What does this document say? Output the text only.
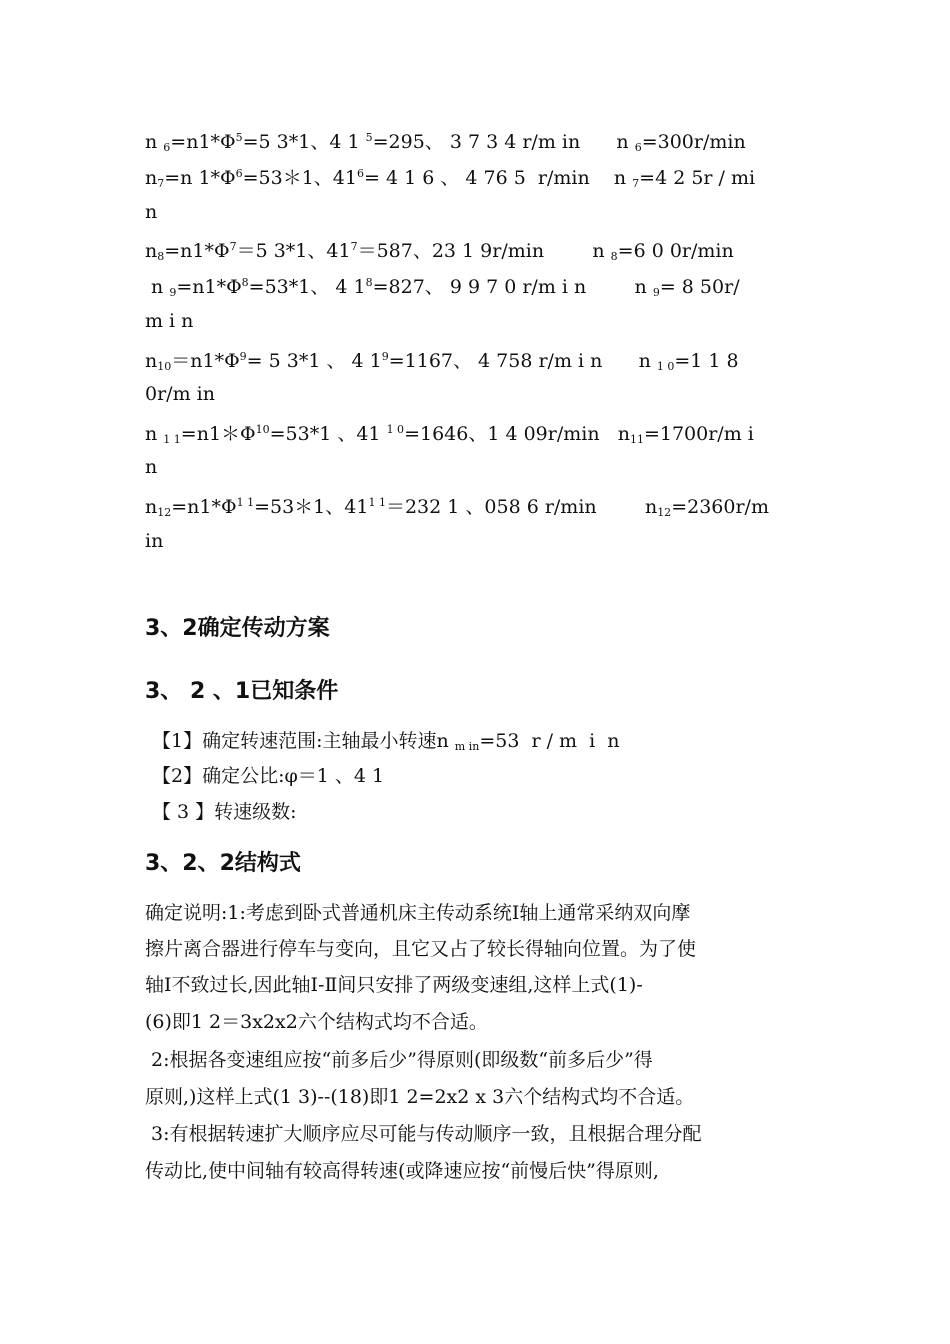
n $_6=n1*\Phi^5=5$ 3*1、4 1 $^5$=295、 3 7 3 4 r/m in      n $_6$=300r/min
$n_7=n$ $1*\Phi^6=53*1$、$41^6= 4$ 1 6 、 4 76 5  r/min    n $_7$=4 2 5r / mi
n
$n_8=n1*\Phi^7=5$ 3*1、$41^7=587$、23 1 9r/min        n $_8$=6 0 0r/min
n $_9=n1*\Phi^8=53*1$、 4 $1^8=827$、 9 9 7 0 r/m i n        n $_9$= 8 50r/
m i n
$n_{10}=n1*\Phi^9= 5$ 3*1 、 4 $1^9=1167$、 4 758 r/m i n      n $_{1 0}$=1 1 8
0r/m in
n $_{1 1}=n1*\Phi^{10}=53*1$ 、41 $^{1 0}$=1646、1 4 09r/min   $n_{11}=1700r/m$ i
n
$n_{12}=n1*\Phi^{1 1}=53*1$、$41^{1 1}=232$ 1 、058 6 r/min        $n_{12}=2360r/m$
in
3、2确定传动方案
3、 2 、1已知条件
【1】确定转速范围:主轴最小转速n $_{m in}$=53  r / m  i  n
【2】确定公比:φ＝1 、4 1
【 3 】转速级数:
3、2、2结构式
确定说明:1:考虑到卧式普通机床主传动系统Ⅰ轴上通常采纳双向摩
擦片离合器进行停车与变向，且它又占了较长得轴向位置。为了使
轴Ⅰ不致过长,因此轴Ⅰ-Ⅱ间只安排了两级变速组,这样上式(1)-
(6)即1 2＝3x2x2六个结构式均不合适。
2:根据各变速组应按“前多后少”得原则(即级数“前多后少”得
原则,)这样上式(1 3)--(18)即1 2=2x2 x 3六个结构式均不合适。
3:有根据转速扩大顺序应尽可能与传动顺序一致，且根据合理分配
传动比,使中间轴有较高得转速(或降速应按“前慢后快”得原则,
